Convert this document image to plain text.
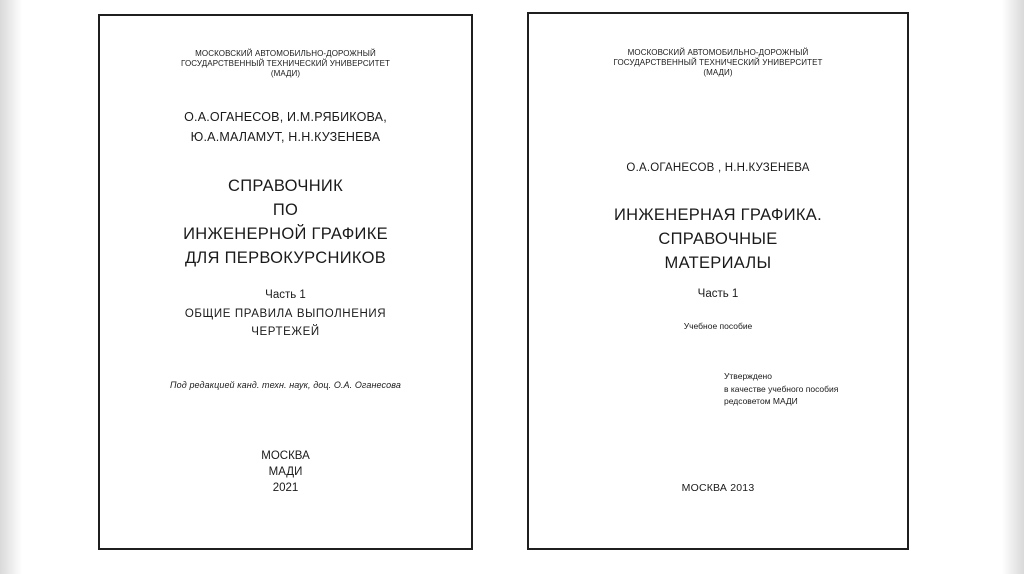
МОСКОВСКИЙ АВТОМОБИЛЬНО-ДОРОЖНЫЙ
ГОСУДАРСТВЕННЫЙ ТЕХНИЧЕСКИЙ УНИВЕРСИТЕТ
(МАДИ)
О.А.ОГАНЕСОВ, И.М.РЯБИКОВА,
Ю.А.МАЛАМУТ, Н.Н.КУЗЕНЕВА
СПРАВОЧНИК
ПО
ИНЖЕНЕРНОЙ ГРАФИКЕ
ДЛЯ ПЕРВОКУРСНИКОВ
Часть 1
ОБЩИЕ ПРАВИЛА ВЫПОЛНЕНИЯ
ЧЕРТЕЖЕЙ
Под редакцией канд. техн. наук, доц. О.А. Оганесова
МОСКВА
МАДИ
2021
МОСКОВСКИЙ АВТОМОБИЛЬНО-ДОРОЖНЫЙ
ГОСУДАРСТВЕННЫЙ ТЕХНИЧЕСКИЙ УНИВЕРСИТЕТ
(МАДИ)
О.А.ОГАНЕСОВ , Н.Н.КУЗЕНЕВА
ИНЖЕНЕРНАЯ ГРАФИКА.
СПРАВОЧНЫЕ
МАТЕРИАЛЫ
Часть 1
Учебное пособие
Утверждено
в качестве учебного пособия
редсоветом МАДИ
МОСКВА 2013
